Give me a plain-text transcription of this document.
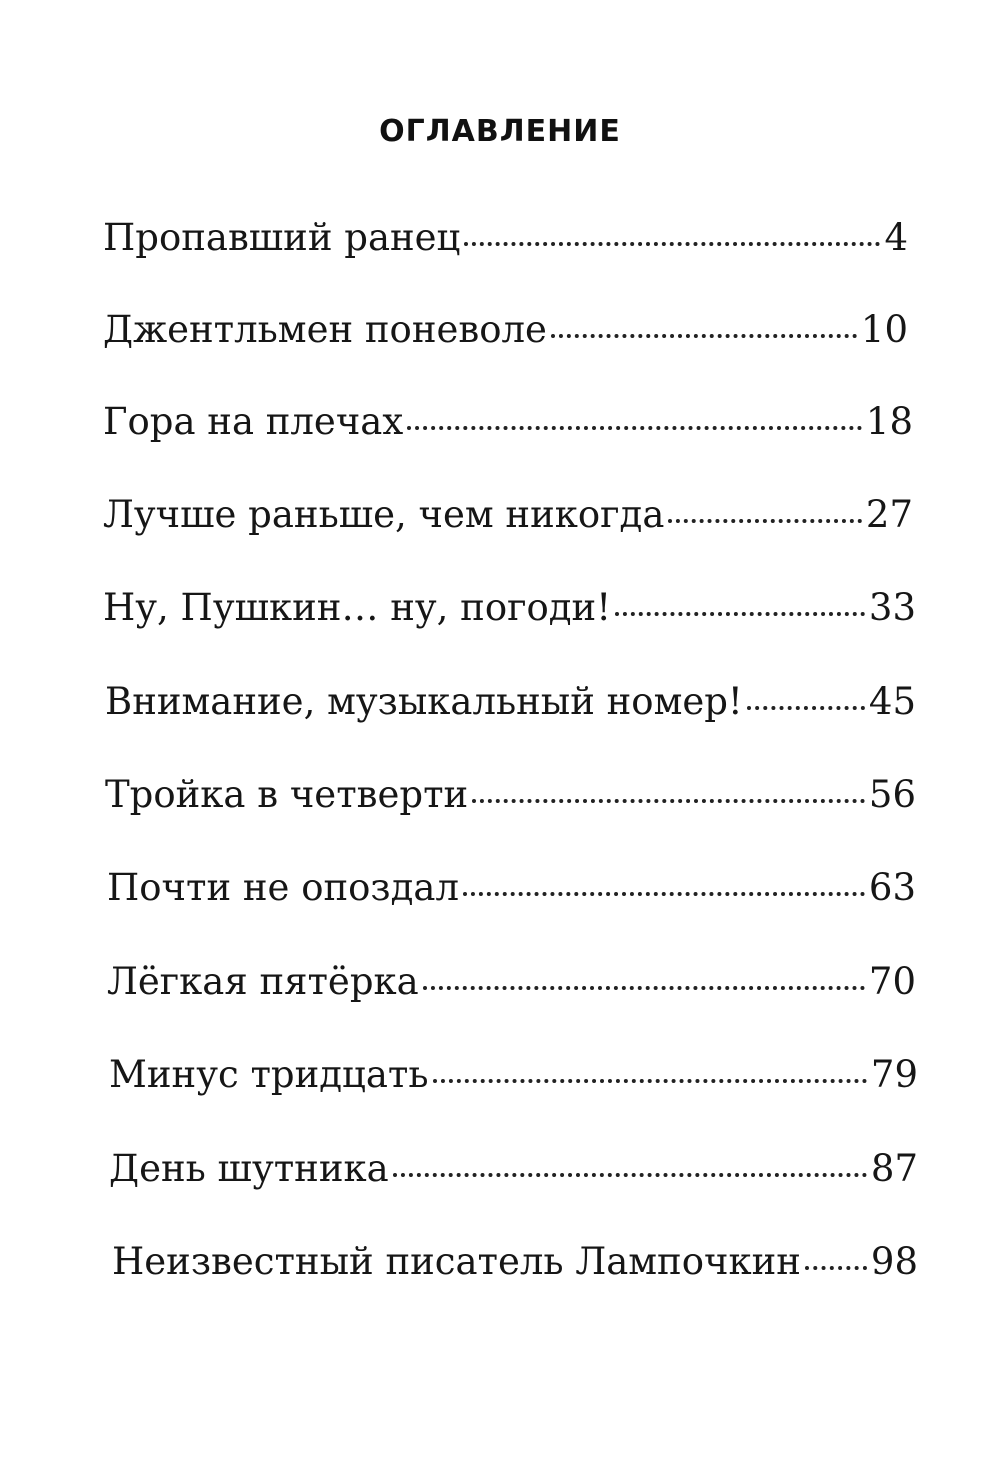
ОГЛАВЛЕНИЕ
Пропавший ранец	4
Джентльмен поневоле	10
Гора на плечах	18
Лучше раньше, чем никогда	27
Ну, Пушкин… ну, погоди!	33
Внимание, музыкальный номер!	45
Тройка в четверти	56
Почти не опоздал	63
Лёгкая пятёрка	70
Минус тридцать	79
День шутника	87
Неизвестный писатель Лампочкин 98
